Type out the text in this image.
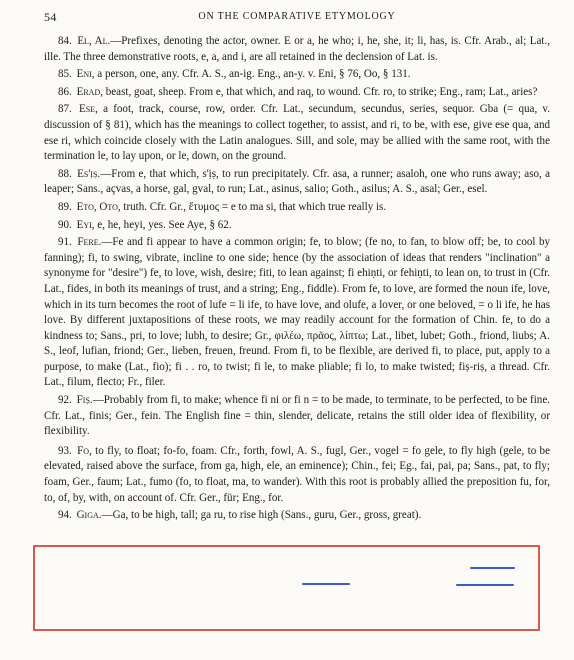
54	ON THE COMPARATIVE ETYMOLOGY

84. El, Al.—Prefixes, denoting the actor, owner. E or a, he who; i, he, she, it; li, has, is. Cfr. Arab., al; Lat., ille. The three demonstrative roots, e, a, and i, are all retained in the declension of Lat. is.

85. Eni, a person, one, any. Cfr. A. S., an-ig. Eng., an-y. v. Eni, § 76, Oo, § 131.

86. Erad, beast, goat, sheep. From e, that which, and raq, to wound. Cfr. ro, to strike; Eng., ram; Lat., aries?

87. Ese, a foot, track, course, row, order. Cfr. Lat., secundum, secundus, series, sequor. Gba (= qua, v. discussion of § 81), which has the meanings to collect together, to assist, and ri, to be, with ese, give ese qua, and ese ri, which coincide closely with the Latin analogues. Sill, and sole, may be allied with the same root, with the termination le, to lay upon, or le, down, on the ground.

88. Es'ịṣ.—From e, that which, s'ịṣ, to run precipitately. Cfr. asa, a runner; asaloh, one who runs away; aso, a leaper; Sans., açvas, a horse, gal, gval, to run; Lat., asinus, salio; Goth., asilus; A. S., asal; Ger., esel.

89. Eto, Oto, truth. Cfr. Gr., ἔτυμος = e to ma si, that which true really is.

90. Eyi, e, he, heyi, yes. See Aye, § 62.

91. Fere.—Fe and fi appear to have a common origin; fe, to blow; (fe no, to fan, to blow off; be, to cool by fanning); fi, to swing, vibrate, incline to one side; hence (by the association of ideas that renders "inclination" a synonyme for "desire") fe, to love, wish, desire; fiti, to lean against; fi ehiṇti, or fehiṇti, to lean on, to trust in (Cfr. Lat., fides, in both its meanings of trust, and a string; Eng., fiddle). From fe, to love, are formed the noun ife, love, which in its turn becomes the root of lufe = li ife, to have love, and olufe, a lover, or one beloved, = o li ife, he has love. By different juxtapositions of these roots, we may readily account for the formation of Chin. fe, to do a kindness to; Sans., pri, to love; lubh, to desire; Gr., φιλέω, πρᾶος, λίπτω; Lat., libet, lubet; Goth., friond, liubs; A. S., leof, lufian, friond; Ger., lieben, freuen, freund. From fi, to be flexible, are derived fi, to place, put, apply to a purpose, to make (Lat., fio); fi . . ro, to twist; fi le, to make pliable; fi lo, to make twisted; fiṣ-riṣ, a thread. Cfr. Lat., filum, flecto; Fr., filer.

92. Fiṣ.—Probably from fi, to make; whence fi ni or fi n = to be made, to terminate, to be perfected, to be fine. Cfr. Lat., finis; Ger., fein. The English fine = thin, slender, delicate, retains the still older idea of flexibility, or flexibility.

93. Fo, to fly, to float; fo-fo, foam. Cfr., forth, fowl, A. S., fugl, Ger., vogel = fo gele, to fly high (gele, to be elevated, raised above the surface, from ga, high, ele, an eminence); Chin., fei; Eg., fai, pai, pa; Sans., pat, to fly; foam, Ger., faum; Lat., fumo (fo, to float, ma, to wander). With this root is probably allied the preposition fu, for, to, of, by, with, on account of. Cfr. Ger., für; Eng., for.

94. Giga.—Ga, to be high, tall; ga ru, to rise high (Sans., guru, Ger., gross, great).
